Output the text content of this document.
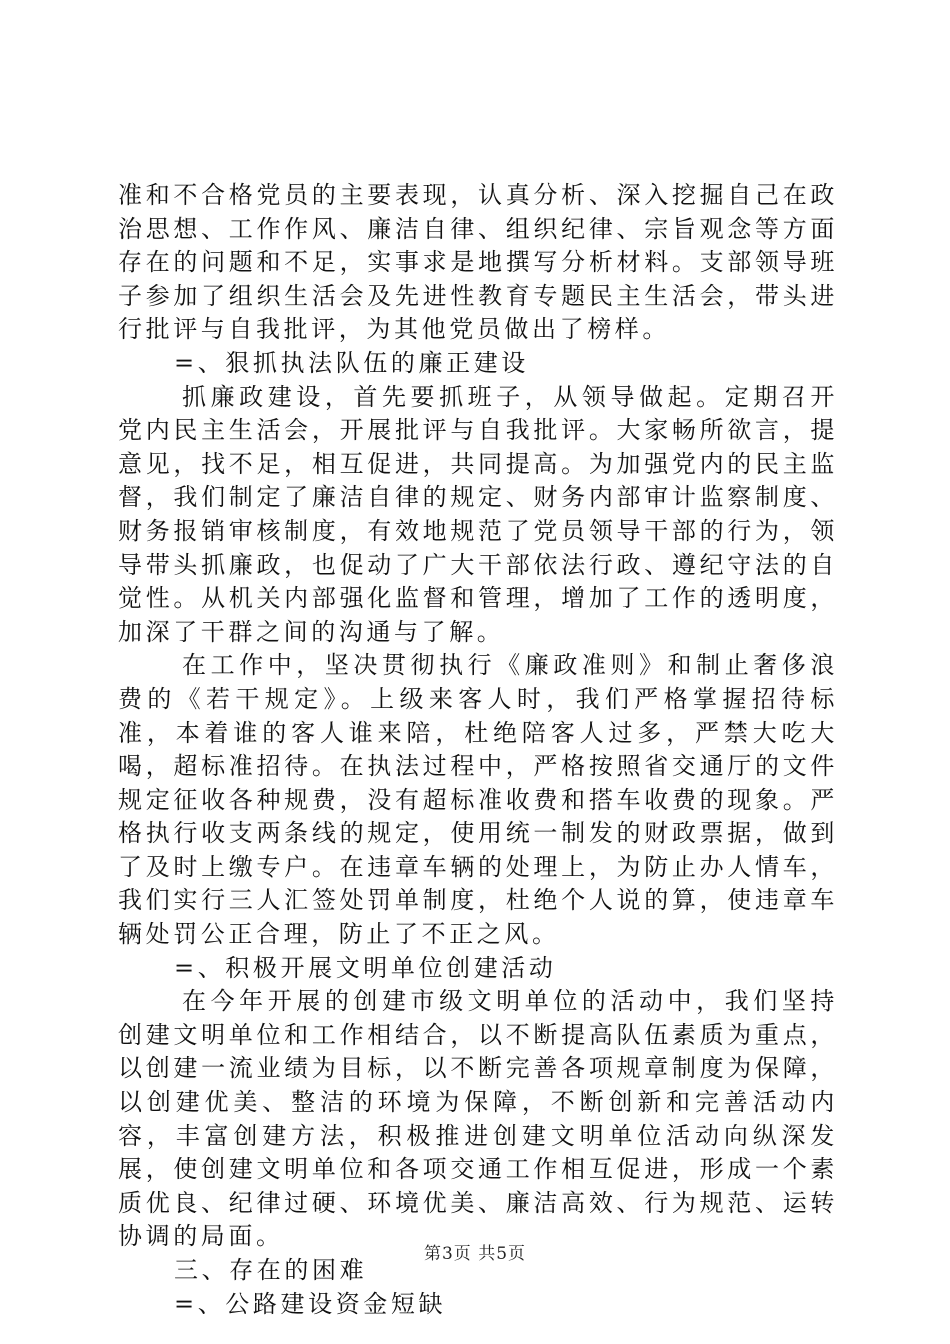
准和不合格党员的主要表现，认真分析、深入挖掘自己在政治思想、工作作风、廉洁自律、组织纪律、宗旨观念等方面存在的问题和不足，实事求是地撰写分析材料。支部领导班子参加了组织生活会及先进性教育专题民主生活会，带头进行批评与自我批评，为其他党员做出了榜样。

=、狠抓执法队伍的廉正建设

抓廉政建设，首先要抓班子，从领导做起。定期召开党内民主生活会，开展批评与自我批评。大家畅所欲言，提意见，找不足，相互促进，共同提高。为加强党内的民主监督，我们制定了廉洁自律的规定、财务内部审计监察制度、财务报销审核制度，有效地规范了党员领导干部的行为，领导带头抓廉政，也促动了广大干部依法行政、遵纪守法的自觉性。从机关内部强化监督和管理，增加了工作的透明度，加深了干群之间的沟通与了解。

在工作中，坚决贯彻执行《廉政准则》和制止奢侈浪费的《若干规定》。上级来客人时，我们严格掌握招待标准，本着谁的客人谁来陪，杜绝陪客人过多，严禁大吃大喝，超标准招待。在执法过程中，严格按照省交通厅的文件规定征收各种规费，没有超标准收费和搭车收费的现象。严格执行收支两条线的规定，使用统一制发的财政票据，做到了及时上缴专户。在违章车辆的处理上，为防止办人情车，我们实行三人汇签处罚单制度，杜绝个人说的算，使违章车辆处罚公正合理，防止了不正之风。

=、积极开展文明单位创建活动

在今年开展的创建市级文明单位的活动中，我们坚持创建文明单位和工作相结合，以不断提高队伍素质为重点，以创建一流业绩为目标，以不断完善各项规章制度为保障，以创建优美、整洁的环境为保障，不断创新和完善活动内容，丰富创建方法，积极推进创建文明单位活动向纵深发展，使创建文明单位和各项交通工作相互促进，形成一个素质优良、纪律过硬、环境优美、廉洁高效、行为规范、运转协调的局面。

三、存在的困难

=、公路建设资金短缺

第3页 共5页
